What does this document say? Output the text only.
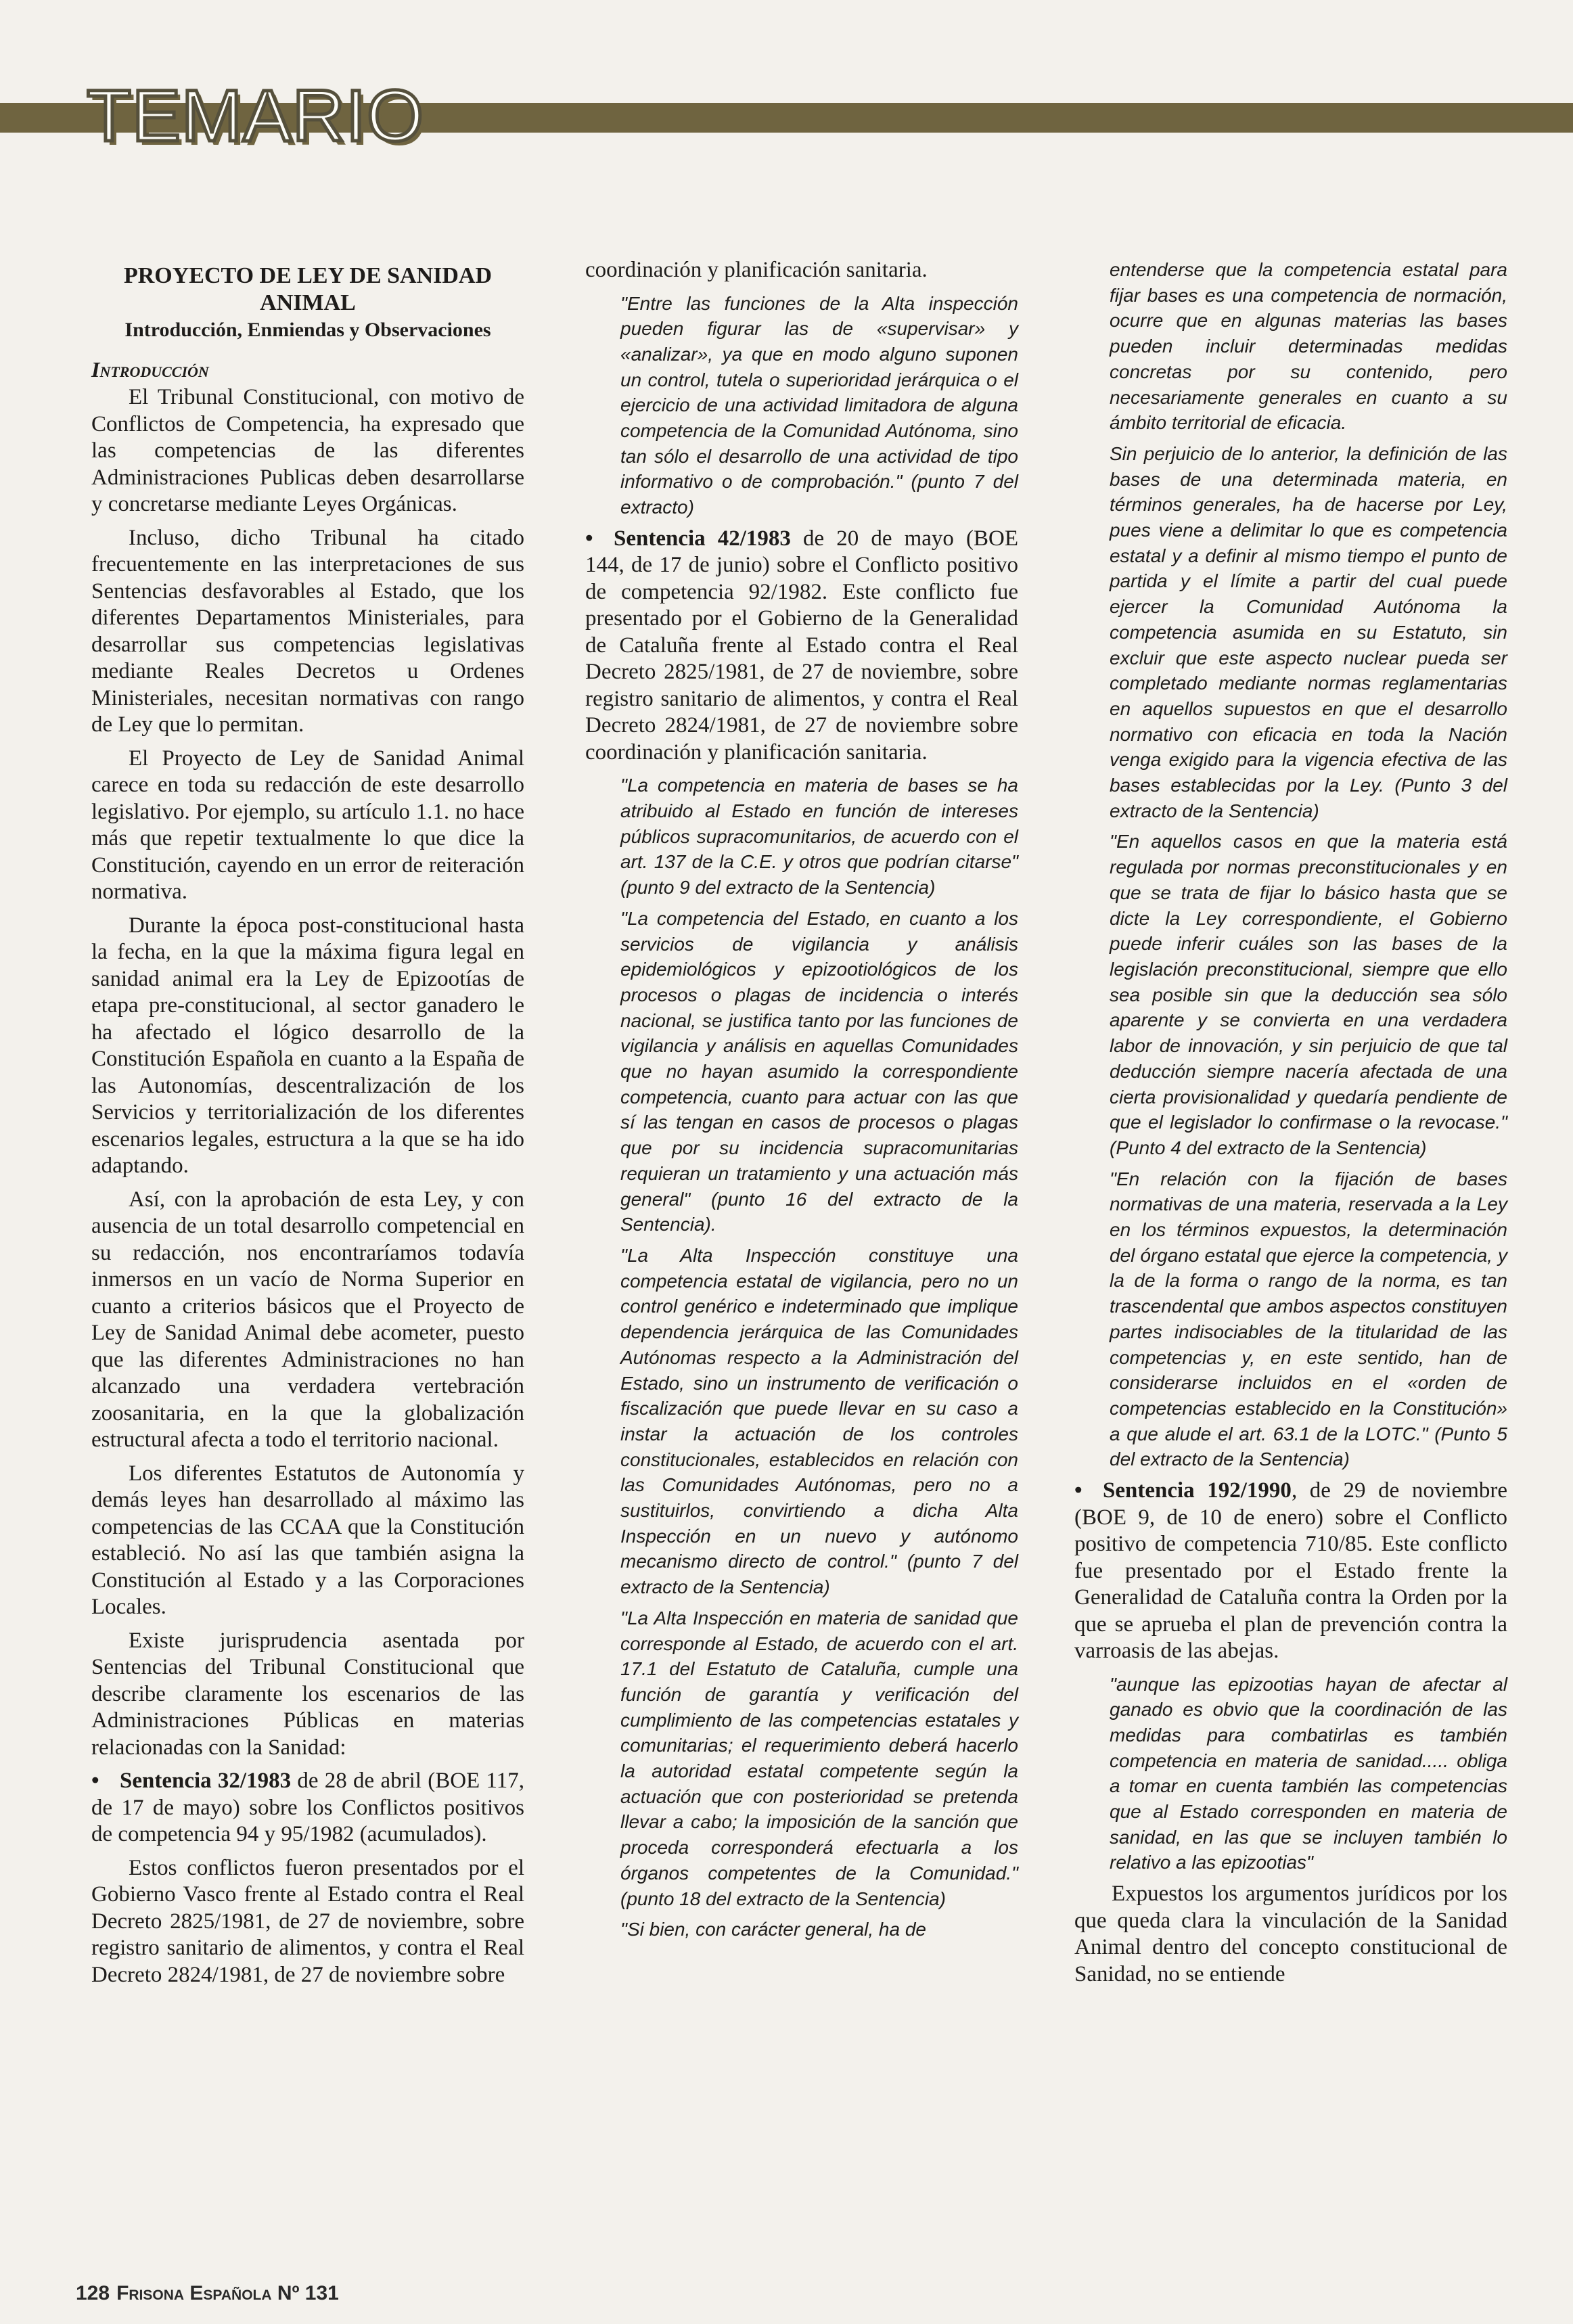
TEMARIO
PROYECTO DE LEY DE SANIDAD ANIMAL
Introducción, Enmiendas y Observaciones
Introducción

El Tribunal Constitucional, con motivo de Conflictos de Competencia, ha expresado que las competencias de las diferentes Administraciones Publicas deben desarrollarse y concretarse mediante Leyes Orgánicas.

Incluso, dicho Tribunal ha citado frecuentemente en las interpretaciones de sus Sentencias desfavorables al Estado, que los diferentes Departamentos Ministeriales, para desarrollar sus competencias legislativas mediante Reales Decretos u Ordenes Ministeriales, necesitan normativas con rango de Ley que lo permitan.

El Proyecto de Ley de Sanidad Animal carece en toda su redacción de este desarrollo legislativo. Por ejemplo, su artículo 1.1. no hace más que repetir textualmente lo que dice la Constitución, cayendo en un error de reiteración normativa.

Durante la época post-constitucional hasta la fecha, en la que la máxima figura legal en sanidad animal era la Ley de Epizootías de etapa pre-constitucional, al sector ganadero le ha afectado el lógico desarrollo de la Constitución Española en cuanto a la España de las Autonomías, descentralización de los Servicios y territorialización de los diferentes escenarios legales, estructura a la que se ha ido adaptando.

Así, con la aprobación de esta Ley, y con ausencia de un total desarrollo competencial en su redacción, nos encontraríamos todavía inmersos en un vacío de Norma Superior en cuanto a criterios básicos que el Proyecto de Ley de Sanidad Animal debe acometer, puesto que las diferentes Administraciones no han alcanzado una verdadera vertebración zoosanitaria, en la que la globalización estructural afecta a todo el territorio nacional.

Los diferentes Estatutos de Autonomía y demás leyes han desarrollado al máximo las competencias de las CCAA que la Constitución estableció. No así las que también asigna la Constitución al Estado y a las Corporaciones Locales.

Existe jurisprudencia asentada por Sentencias del Tribunal Constitucional que describe claramente los escenarios de las Administraciones Públicas en materias relacionadas con la Sanidad:

• Sentencia 32/1983 de 28 de abril (BOE 117, de 17 de mayo) sobre los Conflictos positivos de competencia 94 y 95/1982 (acumulados).

Estos conflictos fueron presentados por el Gobierno Vasco frente al Estado contra el Real Decreto 2825/1981, de 27 de noviembre, sobre registro sanitario de alimentos, y contra el Real Decreto 2824/1981, de 27 de noviembre sobre

coordinación y planificación sanitaria.

"Entre las funciones de la Alta inspección pueden figurar las de «supervisar» y «analizar», ya que en modo alguno suponen un control, tutela o superioridad jerárquica o el ejercicio de una actividad limitadora de alguna competencia de la Comunidad Autónoma, sino tan sólo el desarrollo de una actividad de tipo informativo o de comprobación." (punto 7 del extracto)

• Sentencia 42/1983 de 20 de mayo (BOE 144, de 17 de junio) sobre el Conflicto positivo de competencia 92/1982. Este conflicto fue presentado por el Gobierno de la Generalidad de Cataluña frente al Estado contra el Real Decreto 2825/1981, de 27 de noviembre, sobre registro sanitario de alimentos, y contra el Real Decreto 2824/1981, de 27 de noviembre sobre coordinación y planificación sanitaria.

"La competencia en materia de bases se ha atribuido al Estado en función de intereses públicos supracomunitarios, de acuerdo con el art. 137 de la C.E. y otros que podrían citarse" (punto 9 del extracto de la Sentencia)

"La competencia del Estado, en cuanto a los servicios de vigilancia y análisis epidemiológicos y epizootiológicos de los procesos o plagas de incidencia o interés nacional, se justifica tanto por las funciones de vigilancia y análisis en aquellas Comunidades que no hayan asumido la correspondiente competencia, cuanto para actuar con las que sí las tengan en casos de procesos o plagas que por su incidencia supracomunitarias requieran un tratamiento y una actuación más general" (punto 16 del extracto de la Sentencia).

"La Alta Inspección constituye una competencia estatal de vigilancia, pero no un control genérico e indeterminado que implique dependencia jerárquica de las Comunidades Autónomas respecto a la Administración del Estado, sino un instrumento de verificación o fiscalización que puede llevar en su caso a instar la actuación de los controles constitucionales, establecidos en relación con las Comunidades Autónomas, pero no a sustituirlos, convirtiendo a dicha Alta Inspección en un nuevo y autónomo mecanismo directo de control." (punto 7 del extracto de la Sentencia)

"La Alta Inspección en materia de sanidad que corresponde al Estado, de acuerdo con el art. 17.1 del Estatuto de Cataluña, cumple una función de garantía y verificación del cumplimiento de las competencias estatales y comunitarias; el requerimiento deberá hacerlo la autoridad estatal competente según la actuación que con posterioridad se pretenda llevar a cabo; la imposición de la sanción que proceda corresponderá efectuarla a los órganos competentes de la Comunidad." (punto 18 del extracto de la Sentencia)

"Si bien, con carácter general, ha de

entenderse que la competencia estatal para fijar bases es una competencia de normación, ocurre que en algunas materias las bases pueden incluir determinadas medidas concretas por su contenido, pero necesariamente generales en cuanto a su ámbito territorial de eficacia.

Sin perjuicio de lo anterior, la definición de las bases de una determinada materia, en términos generales, ha de hacerse por Ley, pues viene a delimitar lo que es competencia estatal y a definir al mismo tiempo el punto de partida y el límite a partir del cual puede ejercer la Comunidad Autónoma la competencia asumida en su Estatuto, sin excluir que este aspecto nuclear pueda ser completado mediante normas reglamentarias en aquellos supuestos en que el desarrollo normativo con eficacia en toda la Nación venga exigido para la vigencia efectiva de las bases establecidas por la Ley. (Punto 3 del extracto de la Sentencia)

"En aquellos casos en que la materia está regulada por normas preconstitucionales y en que se trata de fijar lo básico hasta que se dicte la Ley correspondiente, el Gobierno puede inferir cuáles son las bases de la legislación preconstitucional, siempre que ello sea posible sin que la deducción sea sólo aparente y se convierta en una verdadera labor de innovación, y sin perjuicio de que tal deducción siempre nacería afectada de una cierta provisionalidad y quedaría pendiente de que el legislador lo confirmase o la revocase." (Punto 4 del extracto de la Sentencia)

"En relación con la fijación de bases normativas de una materia, reservada a la Ley en los términos expuestos, la determinación del órgano estatal que ejerce la competencia, y la de la forma o rango de la norma, es tan trascendental que ambos aspectos constituyen partes indisociables de la titularidad de las competencias y, en este sentido, han de considerarse incluidos en el «orden de competencias establecido en la Constitución» a que alude el art. 63.1 de la LOTC." (Punto 5 del extracto de la Sentencia)

• Sentencia 192/1990, de 29 de noviembre (BOE 9, de 10 de enero) sobre el Conflicto positivo de competencia 710/85. Este conflicto fue presentado por el Estado frente la Generalidad de Cataluña contra la Orden por la que se aprueba el plan de prevención contra la varroasis de las abejas.

"aunque las epizootias hayan de afectar al ganado es obvio que la coordinación de las medidas para combatirlas es también competencia en materia de sanidad..... obliga a tomar en cuenta también las competencias que al Estado corresponden en materia de sanidad, en las que se incluyen también lo relativo a las epizootias"

Expuestos los argumentos jurídicos por los que queda clara la vinculación de la Sanidad Animal dentro del concepto constitucional de Sanidad, no se entiende

128 Frisona Española Nº 131
